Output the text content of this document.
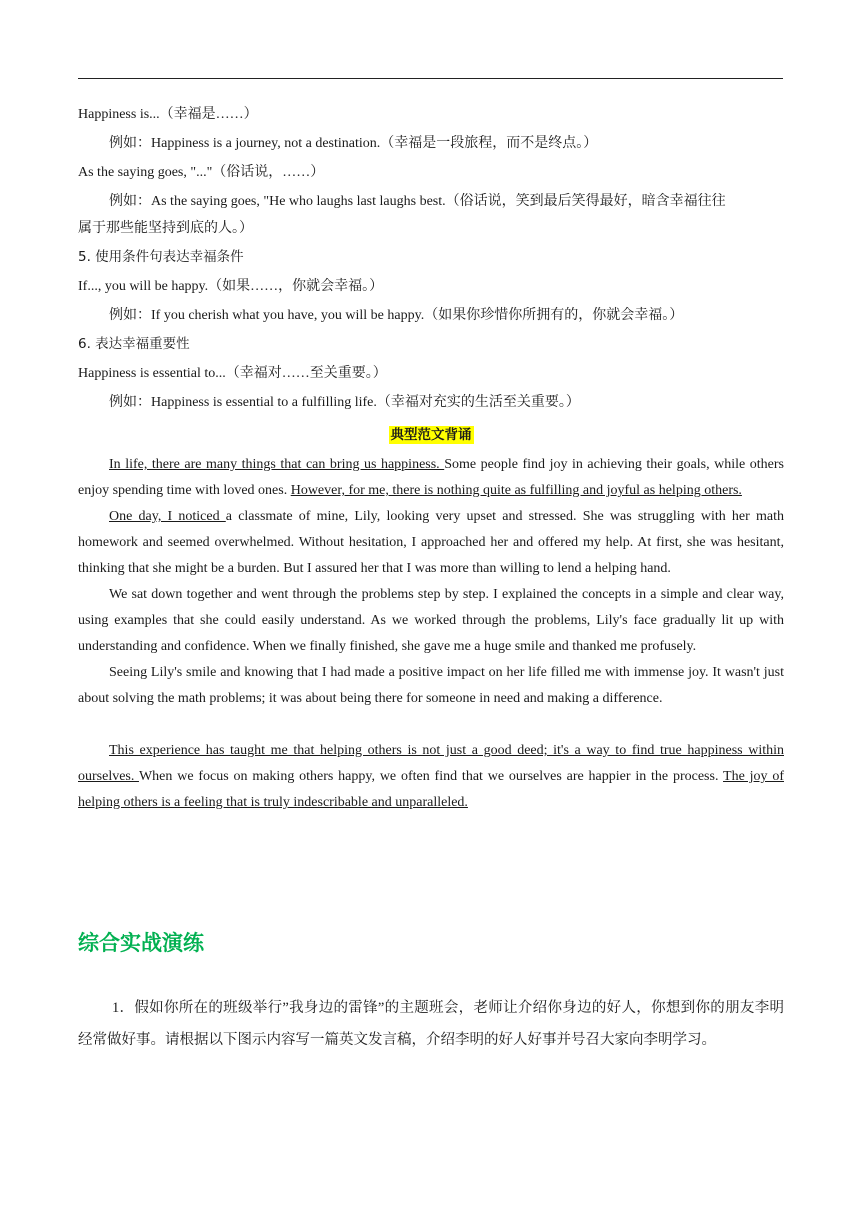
Happiness is...（幸福是……）

例如：Happiness is a journey, not a destination.（幸福是一段旅程，而不是终点。）

As the saying goes, "..."（俗话说，……）

例如：As the saying goes, "He who laughs last laughs best.（俗话说，笑到最后笑得最好，暗含幸福往往

属于那些能坚持到底的人。）

5. 使用条件句表达幸福条件

If..., you will be happy.（如果……，你就会幸福。）

例如：If you cherish what you have, you will be happy.（如果你珍惜你所拥有的，你就会幸福。）

6. 表达幸福重要性

Happiness is essential to...（幸福对……至关重要。）

例如：Happiness is essential to a fulfilling life.（幸福对充实的生活至关重要。）

典型范文背诵

In life, there are many things that can bring us happiness. Some people find joy in achieving their goals, while others enjoy spending time with loved ones. However, for me, there is nothing quite as fulfilling and joyful as helping others.

One day, I noticed a classmate of mine, Lily, looking very upset and stressed. She was struggling with her math homework and seemed overwhelmed. Without hesitation, I approached her and offered my help. At first, she was hesitant, thinking that she might be a burden. But I assured her that I was more than willing to lend a helping hand.

We sat down together and went through the problems step by step. I explained the concepts in a simple and clear way, using examples that she could easily understand. As we worked through the problems, Lily's face gradually lit up with understanding and confidence. When we finally finished, she gave me a huge smile and thanked me profusely.

Seeing Lily's smile and knowing that I had made a positive impact on her life filled me with immense joy. It wasn't just about solving the math problems; it was about being there for someone in need and making a difference.

This experience has taught me that helping others is not just a good deed; it's a way to find true happiness within ourselves. When we focus on making others happy, we often find that we ourselves are happier in the process. The joy of helping others is a feeling that is truly indescribable and unparalleled.

综合实战演练

1．假如你所在的班级举行”我身边的雷锋”的主题班会，老师让介绍你身边的好人，你想到你的朋友李明经常做好事。请根据以下图示内容写一篇英文发言稿，介绍李明的好人好事并号召大家向李明学习。
